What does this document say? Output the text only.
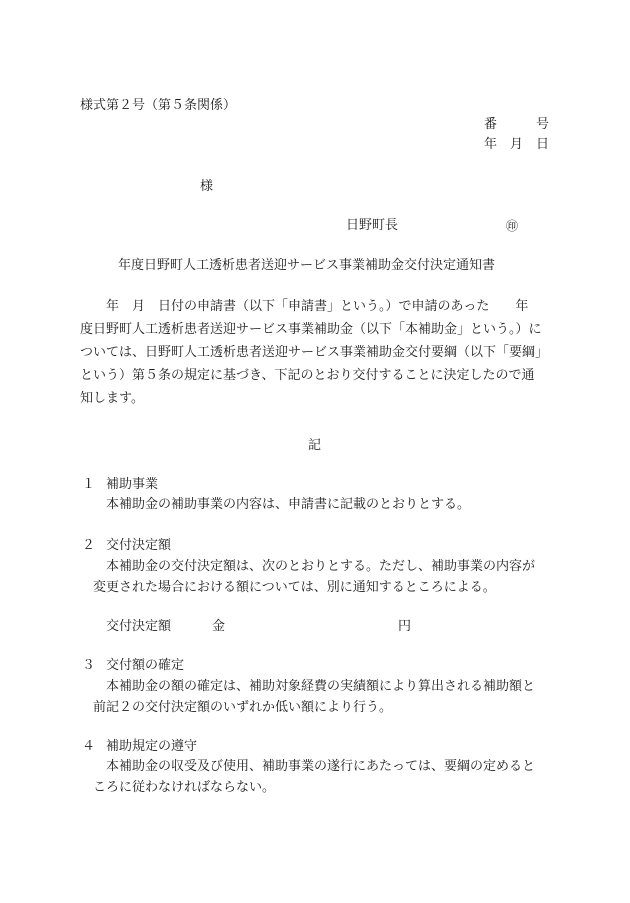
様式第２号（第５条関係）
番　　　号
年　月　日
様
日野町長	㊞
年度日野町人工透析患者送迎サービス事業補助金交付決定通知書
　　年　月　日付の申請書（以下「申請書」という。）で申請のあった　　年
度日野町人工透析患者送迎サービス事業補助金（以下「本補助金」という。）に
ついては、日野町人工透析患者送迎サービス事業補助金交付要綱（以下「要綱」
という）第５条の規定に基づき、下記のとおり交付することに決定したので通
知します。
記
１ 補助事業
本補助金の補助事業の内容は、申請書に記載のとおりとする。
２ 交付決定額
本補助金の交付決定額は、次のとおりとする。ただし、補助事業の内容が
変更された場合における額については、別に通知するところによる。
交付決定額	金	円
３ 交付額の確定
本補助金の額の確定は、補助対象経費の実績額により算出される補助額と
前記２の交付決定額のいずれか低い額により行う。
４ 補助規定の遵守
本補助金の収受及び使用、補助事業の遂行にあたっては、要綱の定めると
ころに従わなければならない。
